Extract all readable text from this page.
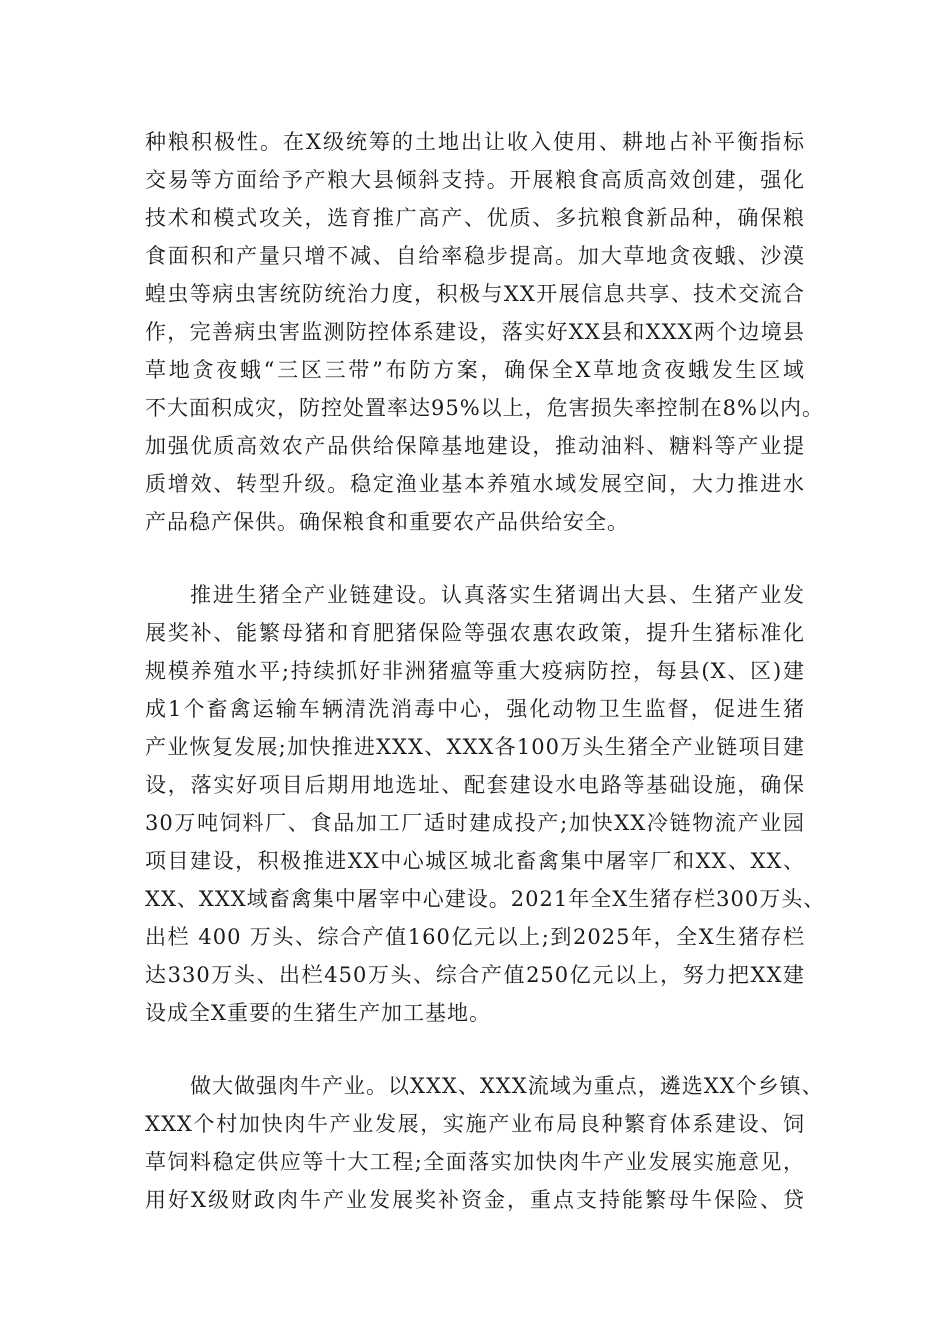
种粮积极性。在X级统筹的土地出让收入使用、耕地占补平衡指标
交易等方面给予产粮大县倾斜支持。开展粮食高质高效创建，强化
技术和模式攻关，选育推广高产、优质、多抗粮食新品种，确保粮
食面积和产量只增不减、自给率稳步提高。加大草地贪夜蛾、沙漠
蝗虫等病虫害统防统治力度，积极与XX开展信息共享、技术交流合
作，完善病虫害监测防控体系建设，落实好XX县和XXX两个边境县
草地贪夜蛾“三区三带”布防方案，确保全X草地贪夜蛾发生区域
不大面积成灾，防控处置率达95%以上，危害损失率控制在8%以内。
加强优质高效农产品供给保障基地建设，推动油料、糖料等产业提
质增效、转型升级。稳定渔业基本养殖水域发展空间，大力推进水
产品稳产保供。确保粮食和重要农产品供给安全。
推进生猪全产业链建设。认真落实生猪调出大县、生猪产业发
展奖补、能繁母猪和育肥猪保险等强农惠农政策，提升生猪标准化
规模养殖水平;持续抓好非洲猪瘟等重大疫病防控，每县(X、区)建
成1个畜禽运输车辆清洗消毒中心，强化动物卫生监督，促进生猪
产业恢复发展;加快推进XXX、XXX各100万头生猪全产业链项目建
设，落实好项目后期用地选址、配套建设水电路等基础设施，确保
30万吨饲料厂、食品加工厂适时建成投产;加快XX冷链物流产业园
项目建设，积极推进XX中心城区城北畜禽集中屠宰厂和XX、XX、
XX、XXX域畜禽集中屠宰中心建设。2021年全X生猪存栏300万头、
出栏 400 万头、综合产值160亿元以上;到2025年，全X生猪存栏
达330万头、出栏450万头、综合产值250亿元以上，努力把XX建
设成全X重要的生猪生产加工基地。
做大做强肉牛产业。以XXX、XXX流域为重点，遴选XX个乡镇、
XXX个村加快肉牛产业发展，实施产业布局良种繁育体系建设、饲
草饲料稳定供应等十大工程;全面落实加快肉牛产业发展实施意见，
用好X级财政肉牛产业发展奖补资金，重点支持能繁母牛保险、贷
